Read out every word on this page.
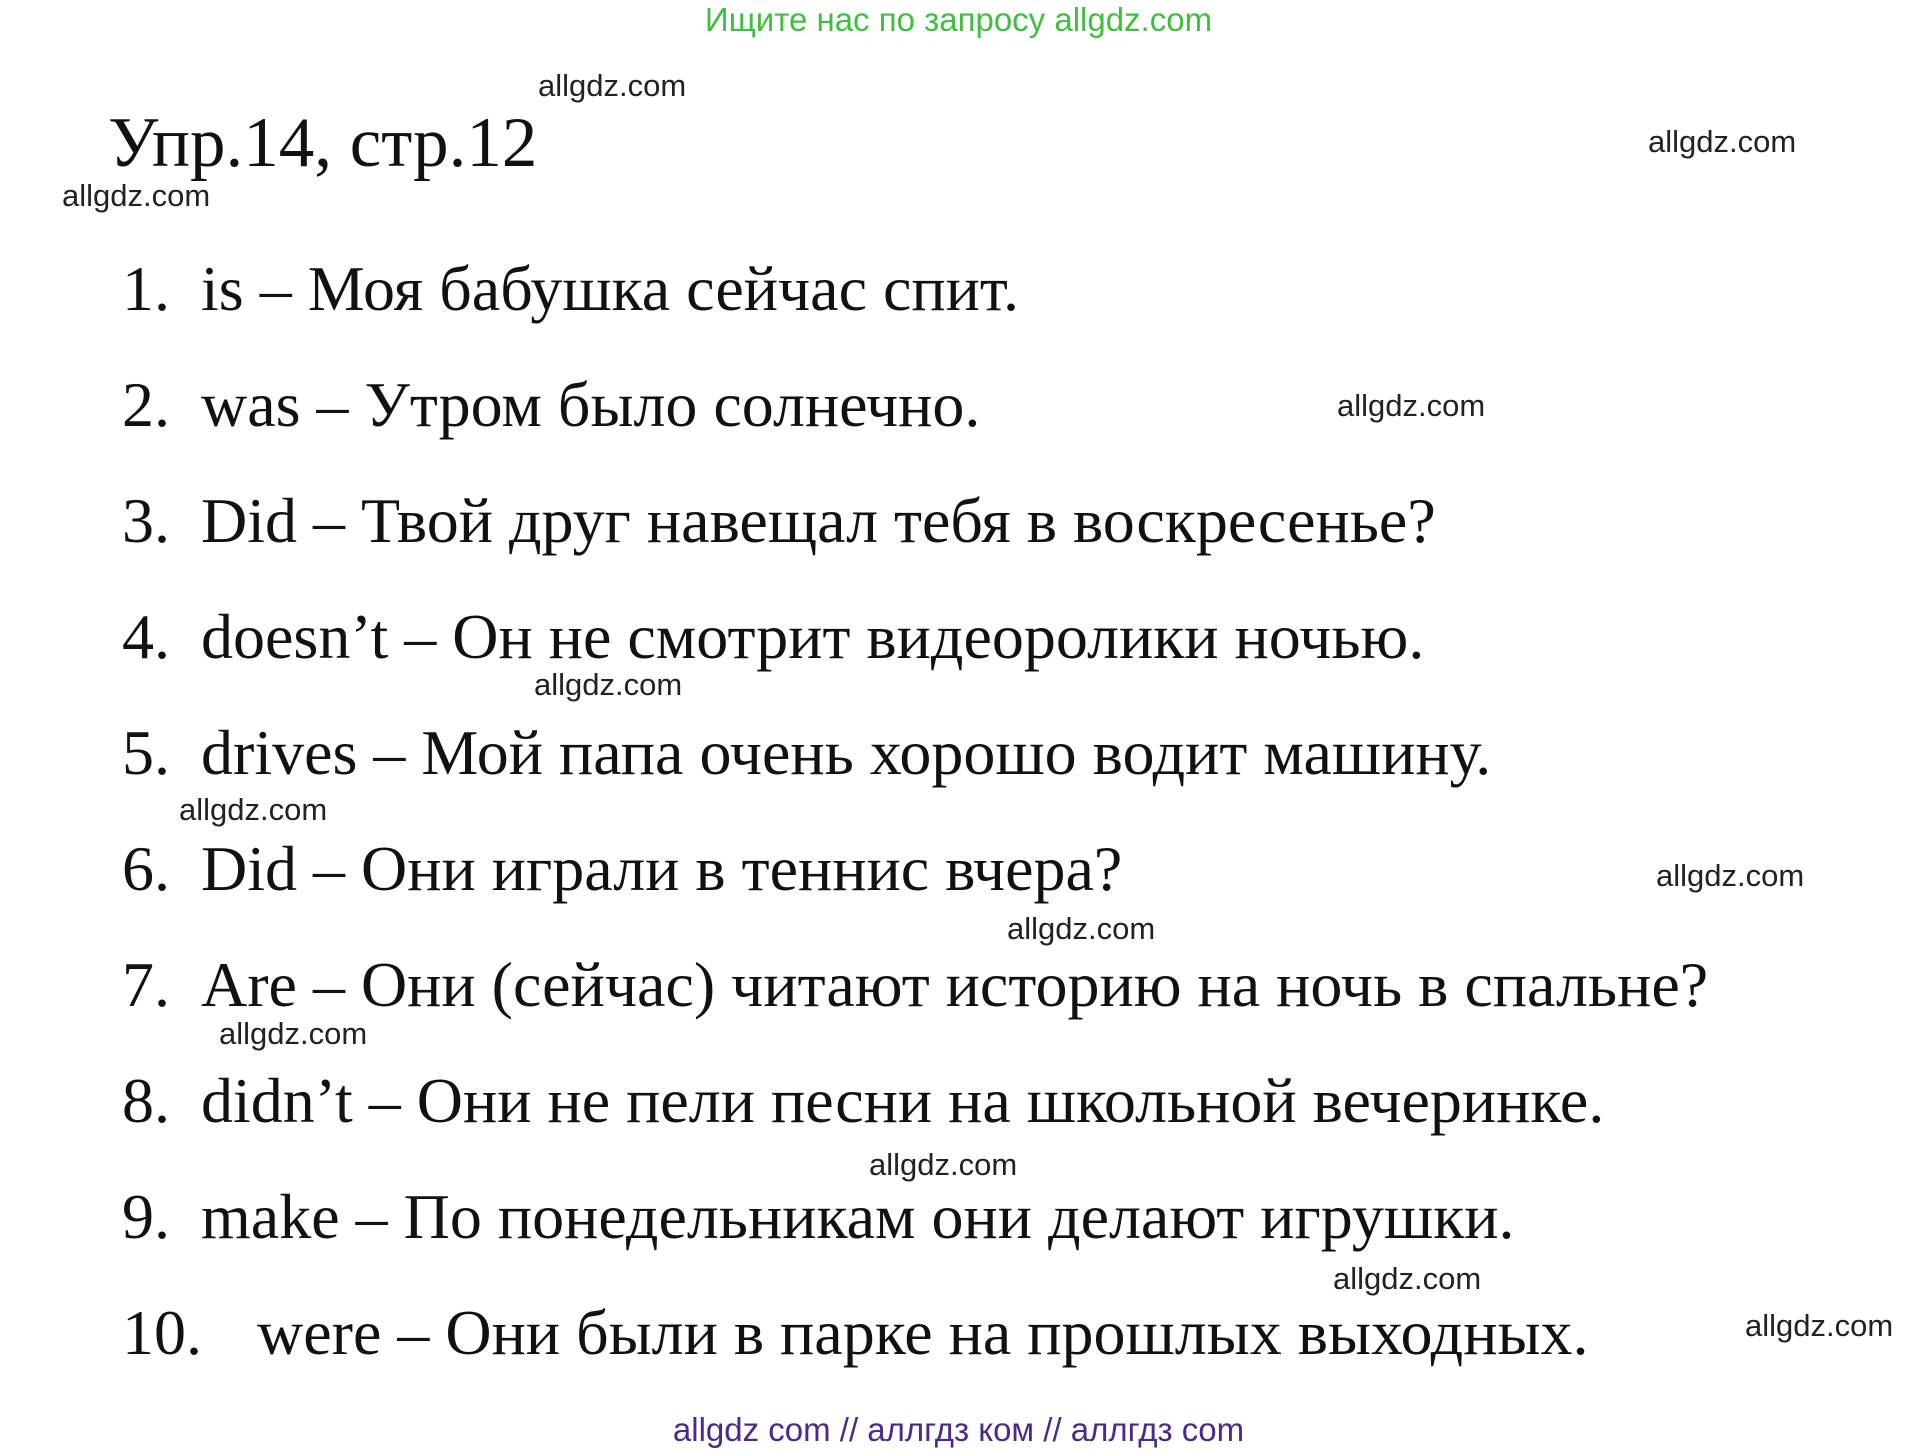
Ищите нас по запросу allgdz.com
Упр.14, стр.12
1. is – Моя бабушка сейчас спит.
2. was – Утром было солнечно.
3. Did – Твой друг навещал тебя в воскресенье?
4. doesn’t – Он не смотрит видеоролики ночью.
5. drives – Мой папа очень хорошо водит машину.
6. Did – Они играли в теннис вчера?
7. Are – Они (сейчас) читают историю на ночь в спальне?
8. didn’t – Они не пели песни на школьной вечеринке.
9. make – По понедельникам они делают игрушки.
10. were – Они были в парке на прошлых выходных.
allgdz.com
allgdz.com
allgdz.com
allgdz.com
allgdz.com
allgdz.com
allgdz.com
allgdz.com
allgdz.com
allgdz.com
allgdz.com
allgdz.com
allgdz com // аллгдз ком // аллгдз com
